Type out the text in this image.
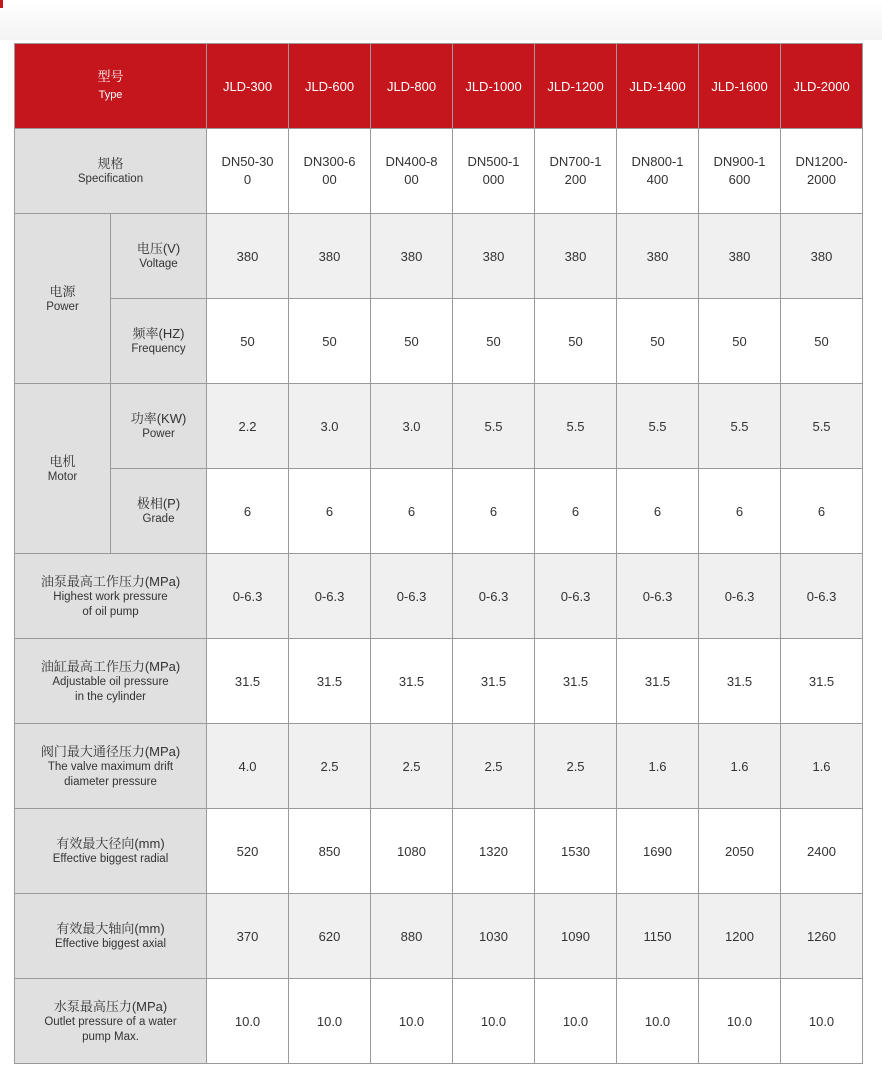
型号
Type		JLD-300	JLD-600	JLD-800	JLD-1000	JLD-1200	JLD-1400	JLD-1600	JLD-2000

规格
Specification		DN50-300	DN300-600	DN400-800	DN500-1000	DN700-1200	DN800-1400	DN900-1600	DN1200-2000

电源
Power	电压(V)
Voltage	380	380	380	380	380	380	380	380

	频率(HZ)
Frequency	50	50	50	50	50	50	50	50

电机
Motor	功率(KW)
Power	2.2	3.0	3.0	5.5	5.5	5.5	5.5	5.5

	极相(P)
Grade	6	6	6	6	6	6	6	6

油泵最高工作压力(MPa)
Highest work pressure
of oil pump		0-6.3	0-6.3	0-6.3	0-6.3	0-6.3	0-6.3	0-6.3	0-6.3

油缸最高工作压力(MPa)
Adjustable oil pressure
in the cylinder		31.5	31.5	31.5	31.5	31.5	31.5	31.5	31.5

阀门最大通径压力(MPa)
The valve maximum drift
diameter pressure		4.0	2.5	2.5	2.5	2.5	1.6	1.6	1.6

有效最大径向(mm)
Effective biggest radial		520	850	1080	1320	1530	1690	2050	2400

有效最大轴向(mm)
Effective biggest axial		370	620	880	1030	1090	1150	1200	1260

水泵最高压力(MPa)
Outlet pressure of a water
pump Max.		10.0	10.0	10.0	10.0	10.0	10.0	10.0	10.0
